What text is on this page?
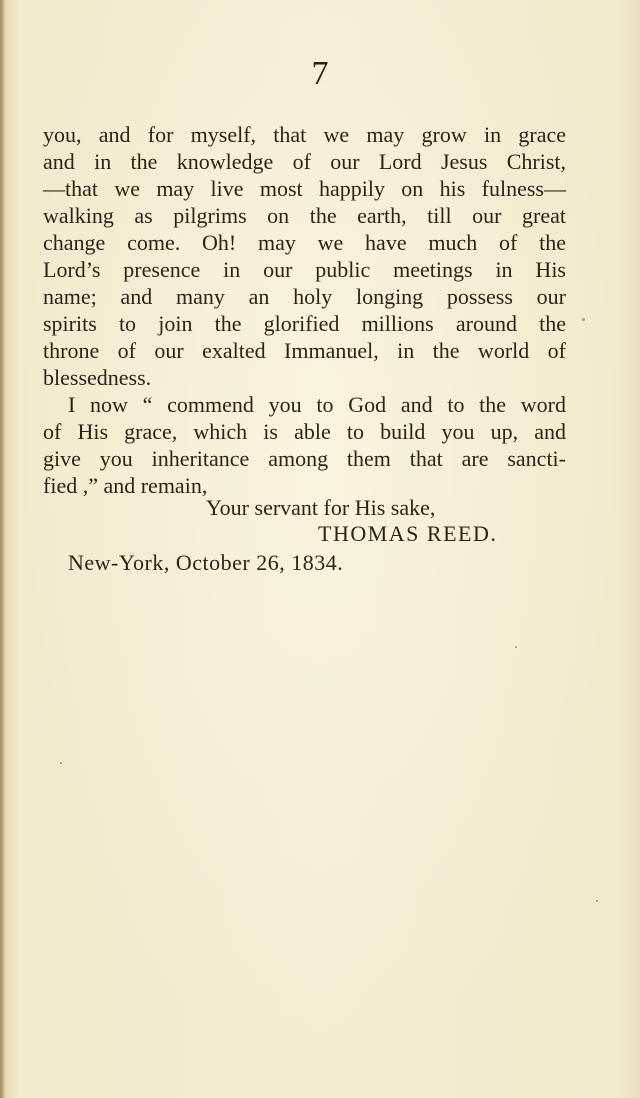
7
you, and for myself, that we may grow in grace
and in the knowledge of our Lord Jesus Christ,
—that we may live most happily on his fulness—
walking as pilgrims on the earth, till our great
change come. Oh! may we have much of the
Lord’s presence in our public meetings in His
name; and many an holy longing possess our
spirits to join the glorified millions around the
throne of our exalted Immanuel, in the world of
blessedness.
I now “ commend you to God and to the word
of His grace, which is able to build you up, and
give you inheritance among them that are sancti-
fied ,” and remain,
Your servant for His sake,
THOMAS REED.
New-York, October 26, 1834.
